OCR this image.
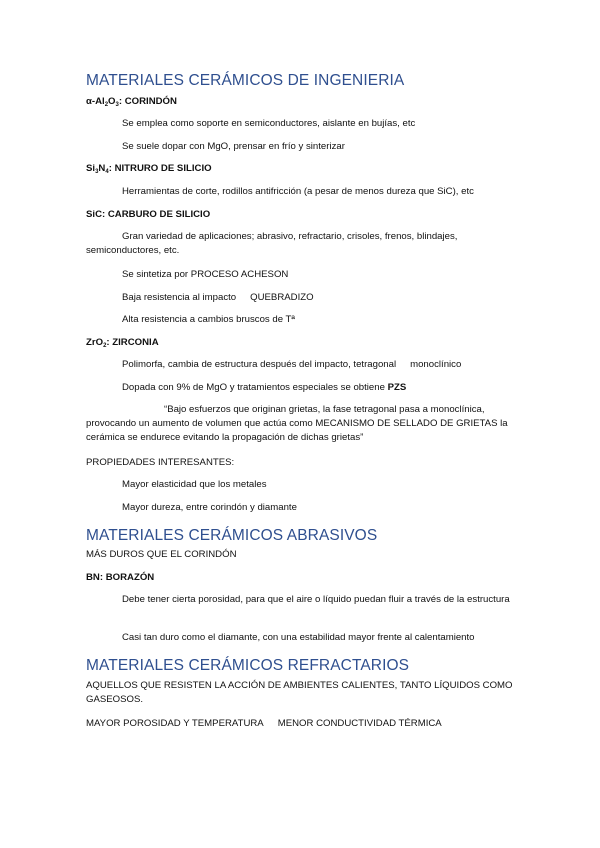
MATERIALES CERÁMICOS DE INGENIERIA
$\alpha-Al_2O_3$: CORINDÓN
Se emplea como soporte en semiconductores, aislante en bujías, etc
Se suele dopar con MgO, prensar en frío y sinterizar
$Si_3N_4$: NITRURO DE SILICIO
Herramientas de corte, rodillos antifricción (a pesar de menos dureza que SiC), etc
SiC: CARBURO DE SILICIO
Gran variedad de aplicaciones; abrasivo, refractario, crisoles, frenos, blindajes, semiconductores, etc.
Se sintetiza por PROCESO ACHESON
Baja resistencia al impacto QUEBRADIZO
Alta resistencia a cambios bruscos de Tª
ZrO$_2$: ZIRCONIA
Polimorfa, cambia de estructura después del impacto, tetragonal monoclínico
Dopada con 9% de MgO y tratamientos especiales se obtiene PZS
“Bajo esfuerzos que originan grietas, la fase tetragonal pasa a monoclínica, provocando un aumento de volumen que actúa como MECANISMO DE SELLADO DE GRIETAS la cerámica se endurece evitando la propagación de dichas grietas”
PROPIEDADES INTERESANTES:
Mayor elasticidad que los metales
Mayor dureza, entre corindón y diamante
MATERIALES CERÁMICOS ABRASIVOS
MÁS DUROS QUE EL CORINDÓN
BN: BORAZÓN
Debe tener cierta porosidad, para que el aire o líquido puedan fluir a través de la estructura
Casi tan duro como el diamante, con una estabilidad mayor frente al calentamiento
MATERIALES CERÁMICOS REFRACTARIOS
AQUELLOS QUE RESISTEN LA ACCIÓN DE AMBIENTES CALIENTES, TANTO LÍQUIDOS COMO GASEOSOS.
MAYOR POROSIDAD Y TEMPERATURA MENOR CONDUCTIVIDAD TÉRMICA
